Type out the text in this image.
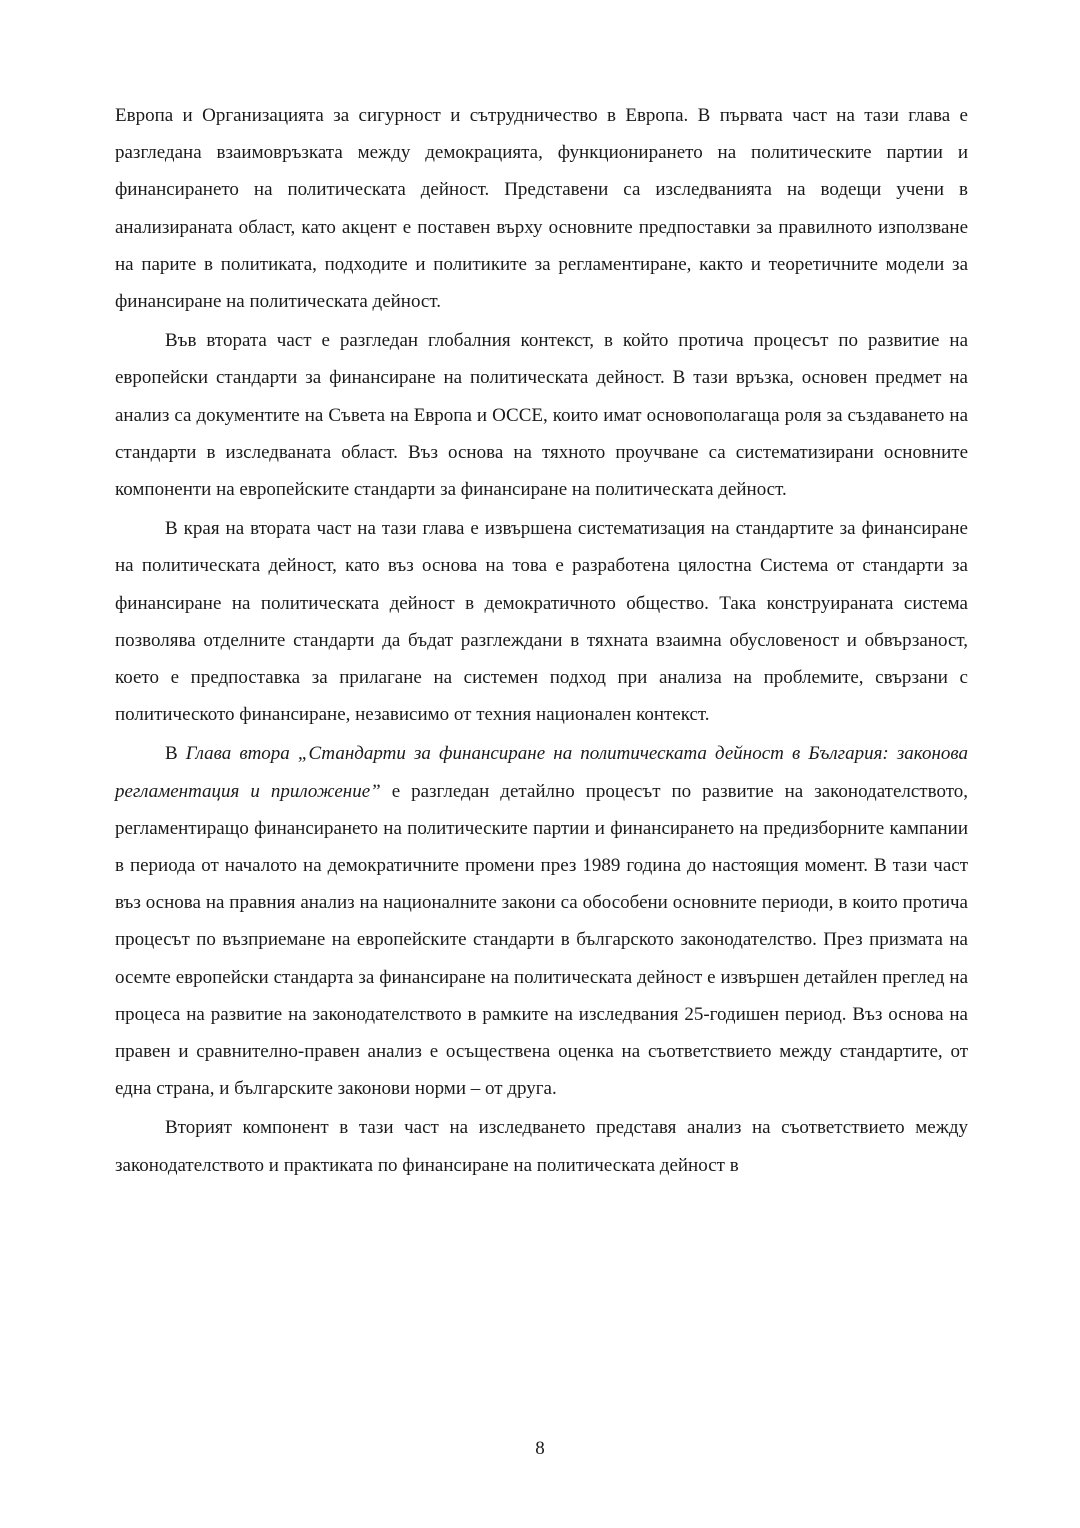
Европа и Организацията за сигурност и сътрудничество в Европа. В първата част на тази глава е разгледана взаимовръзката между демокрацията, функционирането на политическите партии и финансирането на политическата дейност. Представени са изследванията на водещи учени в анализираната област, като акцент е поставен върху основните предпоставки за правилното използване на парите в политиката, подходите и политиките за регламентиране, както и теоретичните модели за финансиране на политическата дейност.

Във втората част е разгледан глобалния контекст, в който протича процесът по развитие на европейски стандарти за финансиране на политическата дейност. В тази връзка, основен предмет на анализ са документите на Съвета на Европа и ОССЕ, които имат основополагаща роля за създаването на стандарти в изследваната област. Въз основа на тяхното проучване са систематизирани основните компоненти на европейските стандарти за финансиране на политическата дейност.

В края на втората част на тази глава е извършена систематизация на стандартите за финансиране на политическата дейност, като въз основа на това е разработена цялостна Система от стандарти за финансиране на политическата дейност в демократичното общество. Така конструираната система позволява отделните стандарти да бъдат разглеждани в тяхната взаимна обусловеност и обвързаност, което е предпоставка за прилагане на системен подход при анализа на проблемите, свързани с политическото финансиране, независимо от техния национален контекст.

В Глава втора „Стандарти за финансиране на политическата дейност в България: законова регламентация и приложение” е разгледан детайлно процесът по развитие на законодателството, регламентиращо финансирането на политическите партии и финансирането на предизборните кампании в периода от началото на демократичните промени през 1989 година до настоящия момент. В тази част въз основа на правния анализ на националните закони са обособени основните периоди, в които протича процесът по възприемане на европейските стандарти в българското законодателство. През призмата на осемте европейски стандарта за финансиране на политическата дейност е извършен детайлен преглед на процеса на развитие на законодателството в рамките на изследвания 25-годишен период. Въз основа на правен и сравнително-правен анализ е осъществена оценка на съответствието между стандартите, от една страна, и българските законови норми – от друга.

Вторият компонент в тази част на изследването представя анализ на съответствието между законодателството и практиката по финансиране на политическата дейност в

8
